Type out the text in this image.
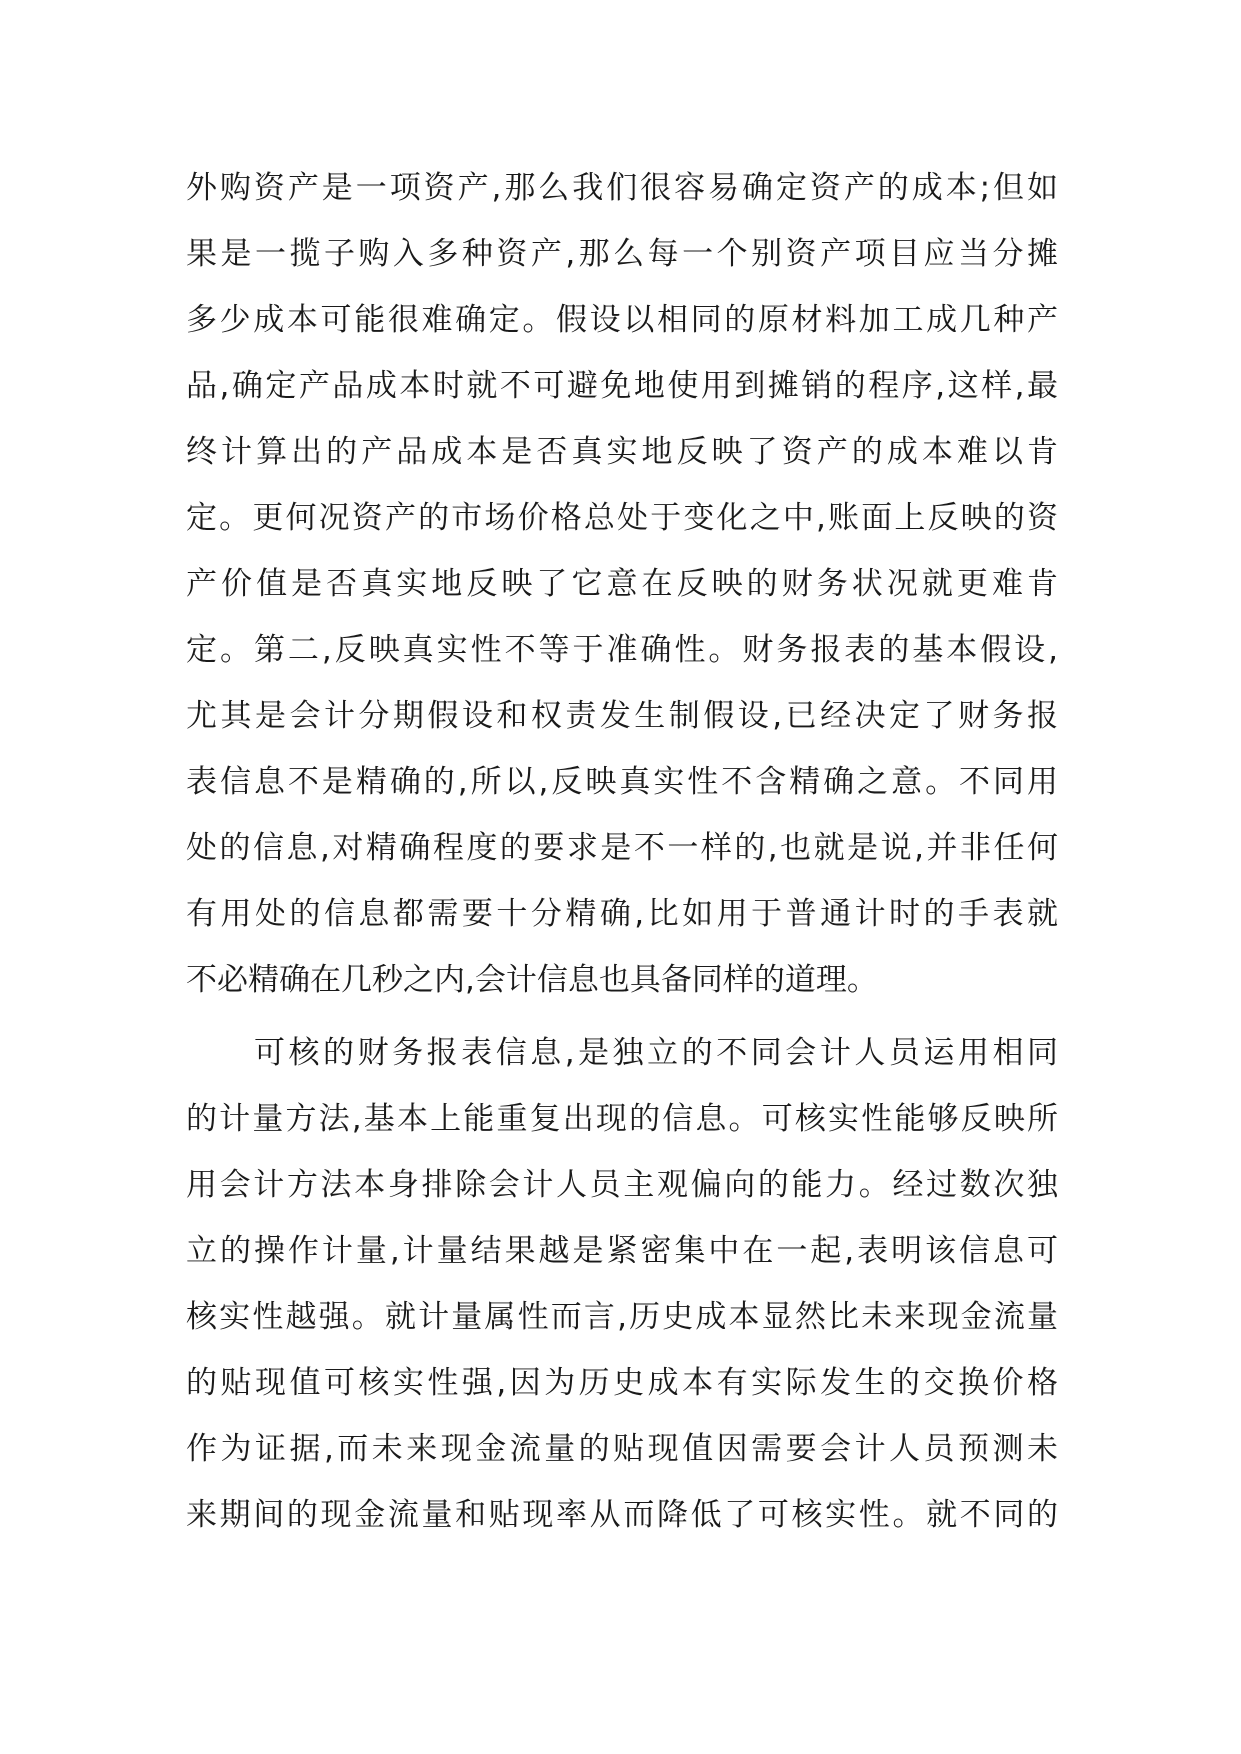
外购资产是一项资产,那么我们很容易确定资产的成本;但如
果是一揽子购入多种资产,那么每一个别资产项目应当分摊
多少成本可能很难确定。假设以相同的原材料加工成几种产
品,确定产品成本时就不可避免地使用到摊销的程序,这样,最
终计算出的产品成本是否真实地反映了资产的成本难以肯
定。更何况资产的市场价格总处于变化之中,账面上反映的资
产价值是否真实地反映了它意在反映的财务状况就更难肯
定。第二,反映真实性不等于准确性。财务报表的基本假设,
尤其是会计分期假设和权责发生制假设,已经决定了财务报
表信息不是精确的,所以,反映真实性不含精确之意。不同用
处的信息,对精确程度的要求是不一样的,也就是说,并非任何
有用处的信息都需要十分精确,比如用于普通计时的手表就
不必精确在几秒之内,会计信息也具备同样的道理。
可核的财务报表信息,是独立的不同会计人员运用相同
的计量方法,基本上能重复出现的信息。可核实性能够反映所
用会计方法本身排除会计人员主观偏向的能力。经过数次独
立的操作计量,计量结果越是紧密集中在一起,表明该信息可
核实性越强。就计量属性而言,历史成本显然比未来现金流量
的贴现值可核实性强,因为历史成本有实际发生的交换价格
作为证据,而未来现金流量的贴现值因需要会计人员预测未
来期间的现金流量和贴现率从而降低了可核实性。就不同的
